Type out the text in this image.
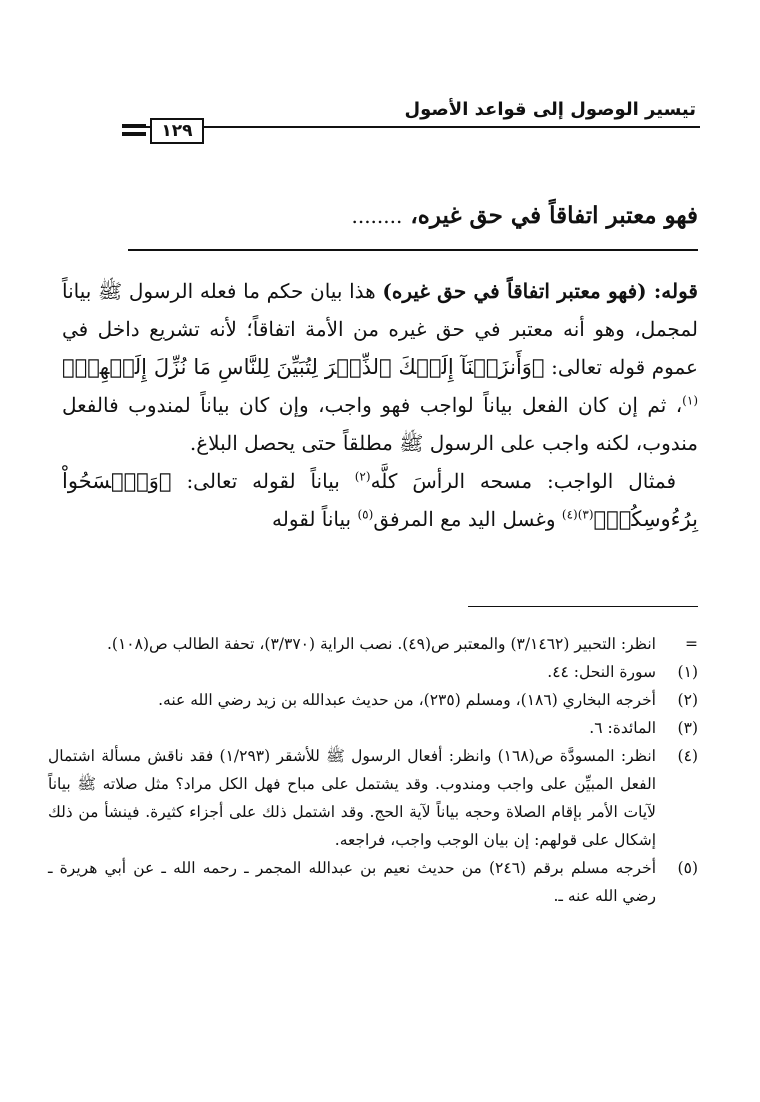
تيسير الوصول إلى قواعد الأصول
١٢٩
فهو معتبر اتفاقاً في حق غيره، ........

قوله: (فهو معتبر اتفاقاً في حق غيره) هذا بيان حكم ما فعله الرسول ﷺ بياناً لمجمل، وهو أنه معتبر في حق غيره من الأمة اتفاقاً؛ لأنه تشريع داخل في عموم قوله تعالى: ﴿وَأَنزَلۡنَآ إِلَيۡكَ ٱلذِّكۡرَ لِتُبَيِّنَ لِلنَّاسِ مَا نُزِّلَ إِلَيۡهِمۡ﴾$^{(١)}$، ثم إن كان الفعل بياناً لواجب فهو واجب، وإن كان بياناً لمندوب فالفعل مندوب، لكنه واجب على الرسول ﷺ مطلقاً حتى يحصل البلاغ.

فمثال الواجب: مسحه الرأسَ كلَّه$^{(٢)}$ بياناً لقوله تعالى: ﴿وَٱمۡسَحُواْ بِرُءُوسِكُمۡ﴾$^{(٣)(٤)}$ وغسل اليد مع المرفق$^{(٥)}$ بياناً لقوله

=
انظر: التحبير (٣/١٤٦٢) والمعتبر ص(٤٩). نصب الراية (٣/٣٧٠)، تحفة الطالب ص(١٠٨).
(١)
سورة النحل: ٤٤.
(٢)
أخرجه البخاري (١٨٦)، ومسلم (٢٣٥)، من حديث عبدالله بن زيد رضي الله عنه.
(٣)
المائدة: ٦.
(٤)
انظر: المسودَّة ص(١٦٨) وانظر: أفعال الرسول ﷺ للأشقر (١/٢٩٣) فقد ناقش مسألة اشتمال الفعل المبيِّن على واجب ومندوب. وقد يشتمل على مباح فهل الكل مراد؟ مثل صلاته ﷺ بياناً لآيات الأمر بإقام الصلاة وحجه بياناً لآية الحج. وقد اشتمل ذلك على أجزاء كثيرة. فينشأ من ذلك إشكال على قولهم: إن بيان الوجب واجب، فراجعه.
(٥)
أخرجه مسلم برقم (٢٤٦) من حديث نعيم بن عبدالله المجمر ـ رحمه الله ـ عن أبي هريرة ـ رضي الله عنه ـ.
